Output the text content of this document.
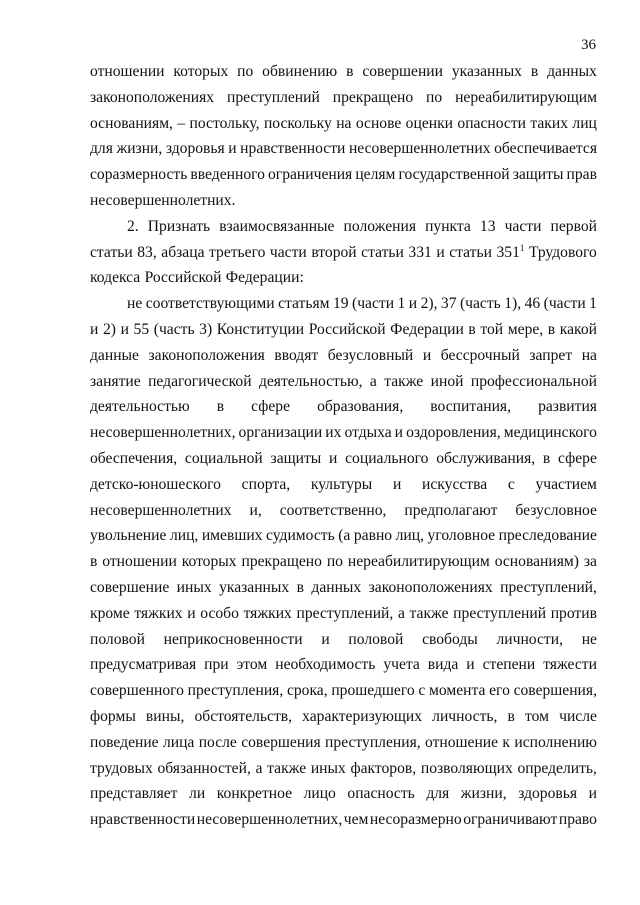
36
отношении которых по обвинению в совершении указанных в данных
законоположениях преступлений прекращено по нереабилитирующим
основаниям, – постольку, поскольку на основе оценки опасности таких лиц
для жизни, здоровья и нравственности несовершеннолетних обеспечивается
соразмерность введенного ограничения целям государственной защиты прав
несовершеннолетних.
2. Признать взаимосвязанные положения пункта 13 части первой
статьи 83, абзаца третьего части второй статьи 331 и статьи $351^1$ Трудового
кодекса Российской Федерации:
не соответствующими статьям 19 (части 1 и 2), 37 (часть 1), 46 (части 1
и 2) и 55 (часть 3) Конституции Российской Федерации в той мере, в какой
данные законоположения вводят безусловный и бессрочный запрет на
занятие педагогической деятельностью, а также иной профессиональной
деятельностью в сфере образования, воспитания, развития
несовершеннолетних, организации их отдыха и оздоровления, медицинского
обеспечения, социальной защиты и социального обслуживания, в сфере
детско-юношеского спорта, культуры и искусства с участием
несовершеннолетних и, соответственно, предполагают безусловное
увольнение лиц, имевших судимость (а равно лиц, уголовное преследование
в отношении которых прекращено по нереабилитирующим основаниям) за
совершение иных указанных в данных законоположениях преступлений,
кроме тяжких и особо тяжких преступлений, а также преступлений против
половой неприкосновенности и половой свободы личности, не
предусматривая при этом необходимость учета вида и степени тяжести
совершенного преступления, срока, прошедшего с момента его совершения,
формы вины, обстоятельств, характеризующих личность, в том числе
поведение лица после совершения преступления, отношение к исполнению
трудовых обязанностей, а также иных факторов, позволяющих определить,
представляет ли конкретное лицо опасность для жизни, здоровья и
нравственности несовершеннолетних, чем несоразмерно ограничивают право
